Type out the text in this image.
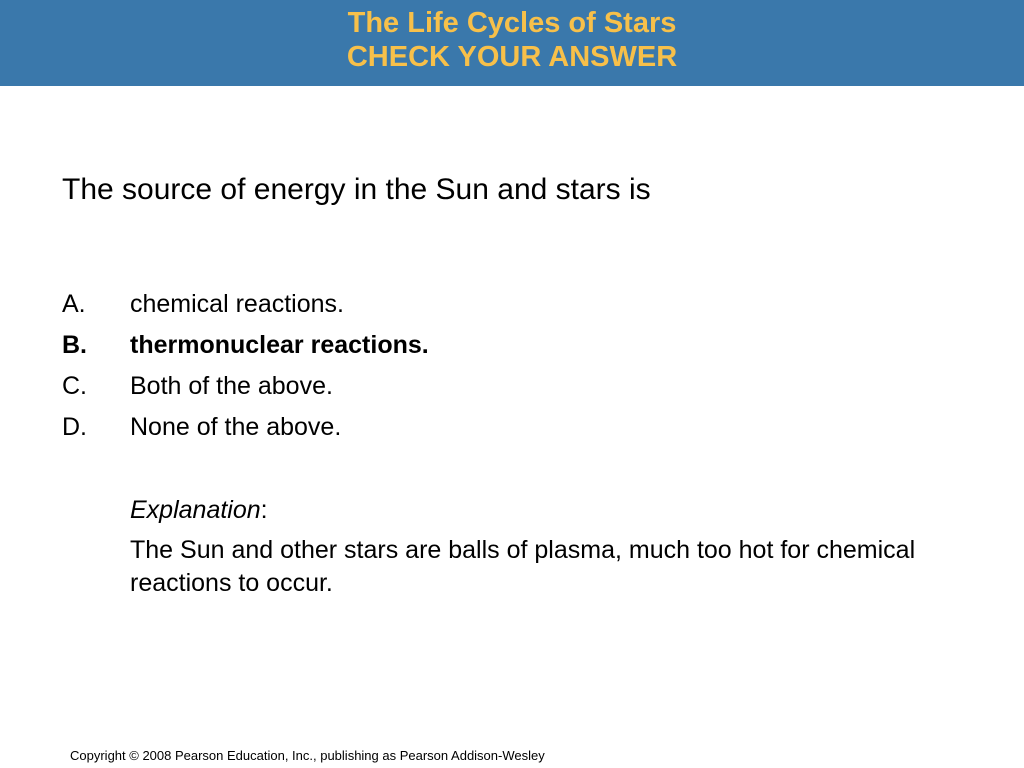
The Life Cycles of Stars
CHECK YOUR ANSWER
The source of energy in the Sun and stars is
A. chemical reactions.
B. thermonuclear reactions.
C. Both of the above.
D. None of the above.
Explanation:
The Sun and other stars are balls of plasma, much too hot for chemical reactions to occur.
Copyright © 2008 Pearson Education, Inc., publishing as Pearson Addison-Wesley
